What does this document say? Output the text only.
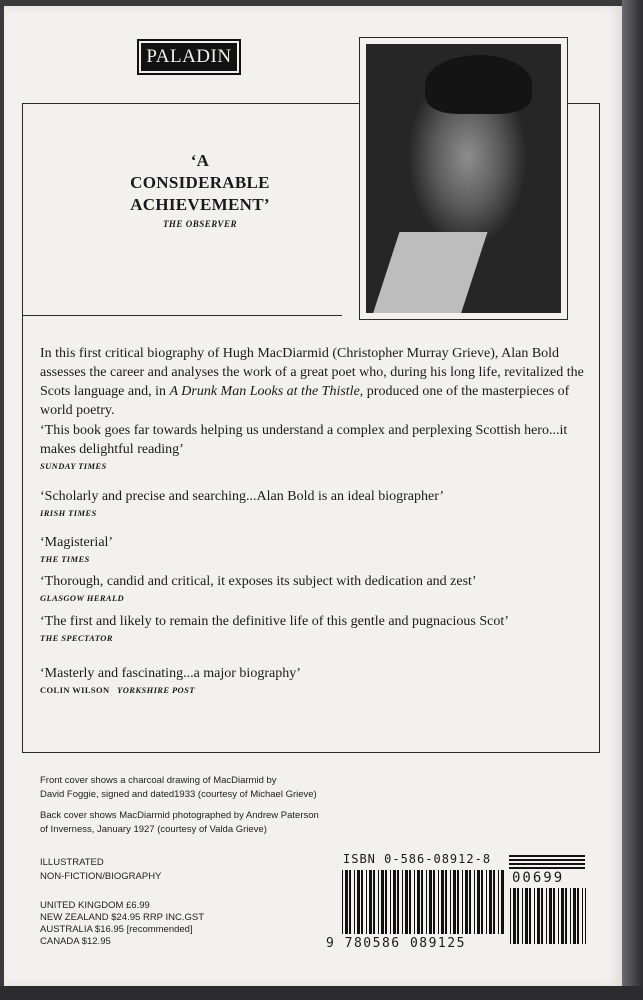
PALADIN
‘A
CONSIDERABLE
ACHIEVEMENT’
THE OBSERVER

In this first critical biography of Hugh MacDiarmid (Christopher Murray Grieve), Alan Bold assesses the career and analyses the work of a great poet who, during his long life, revitalized the Scots language and, in A Drunk Man Looks at the Thistle, produced one of the masterpieces of world poetry.

‘This book goes far towards helping us understand a complex and perplexing Scottish hero...it makes delightful reading’

SUNDAY TIMES

‘Scholarly and precise and searching...Alan Bold is an ideal biographer’

IRISH TIMES

‘Magisterial’

THE TIMES

‘Thorough, candid and critical, it exposes its subject with dedication and zest’

GLASGOW HERALD

‘The first and likely to remain the definitive life of this gentle and pugnacious Scot’

THE SPECTATOR

‘Masterly and fascinating...a major biography’

COLIN WILSON YORKSHIRE POST

Front cover shows a charcoal drawing of MacDiarmid by
David Foggie, signed and dated1933 (courtesy of Michael Grieve)
Back cover shows MacDiarmid photographed by Andrew Paterson
of Inverness, January 1927 (courtesy of Valda Grieve)
ILLUSTRATED
NON-FICTION/BIOGRAPHY
UNITED KINGDOM £6.99
NEW ZEALAND $24.95 RRP INC.GST
AUSTRALIA $16.95 [recommended]
CANADA $12.95
ISBN 0-586-08912-8
9 780586 089125
00699
